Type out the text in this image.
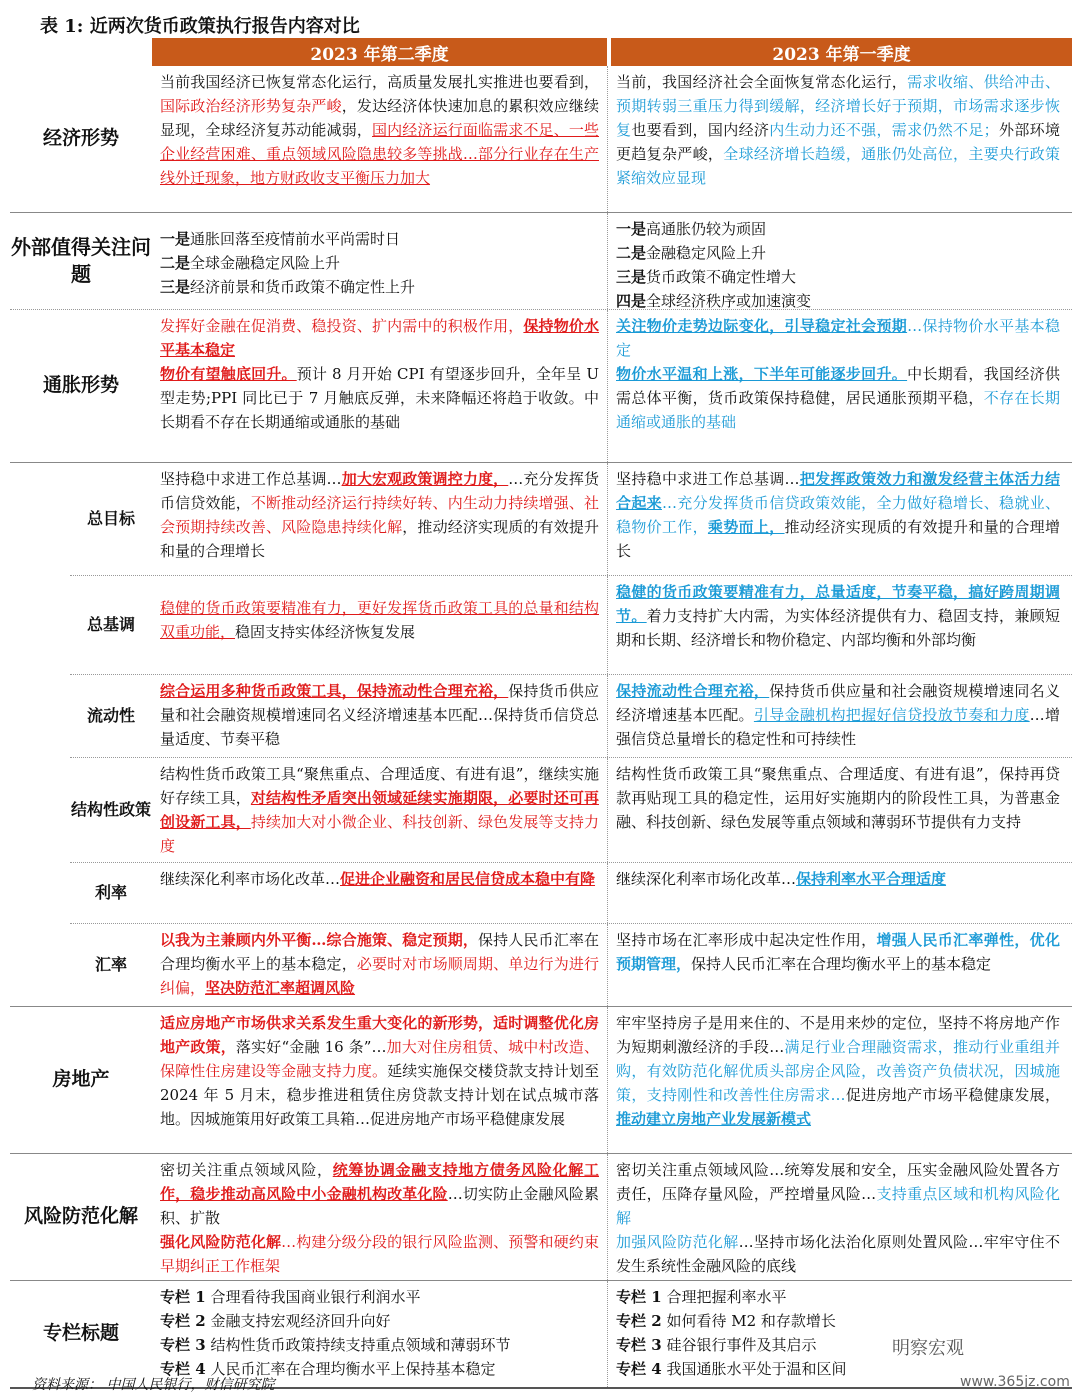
表 1: 近两次货币政策执行报告内容对比
2023 年第二季度	2023 年第一季度
经济形势
当前我国经济已恢复常态化运行，高质量发展扎实推进也要看到，国际政治经济形势复杂严峻，发达经济体快速加息的累积效应继续显现，全球经济复苏动能减弱，国内经济运行面临需求不足、一些企业经营困难、重点领域风险隐患较多等挑战…部分行业存在生产线外迁现象，地方财政收支平衡压力加大
当前，我国经济社会全面恢复常态化运行，需求收缩、供给冲击、预期转弱三重压力得到缓解，经济增长好于预期，市场需求逐步恢复也要看到，国内经济内生动力还不强，需求仍然不足；外部环境更趋复杂严峻，全球经济增长趋缓，通胀仍处高位，主要央行政策紧缩效应显现
外部值得关注问题
一是通胀回落至疫情前水平尚需时日
二是全球金融稳定风险上升
三是经济前景和货币政策不确定性上升
一是高通胀仍较为顽固
二是金融稳定风险上升
三是货币政策不确定性增大
四是全球经济秩序或加速演变
通胀形势
发挥好金融在促消费、稳投资、扩内需中的积极作用，保持物价水平基本稳定
物价有望触底回升。预计 8 月开始 CPI 有望逐步回升，全年呈 U 型走势;PPI 同比已于 7 月触底反弹，未来降幅还将趋于收敛。中长期看不存在长期通缩或通胀的基础
关注物价走势边际变化，引导稳定社会预期…保持物价水平基本稳定
物价水平温和上涨，下半年可能逐步回升。中长期看，我国经济供需总体平衡，货币政策保持稳健，居民通胀预期平稳，不存在长期通缩或通胀的基础
总目标
坚持稳中求进工作总基调…加大宏观政策调控力度，…充分发挥货币信贷效能，不断推动经济运行持续好转、内生动力持续增强、社会预期持续改善、风险隐患持续化解，推动经济实现质的有效提升和量的合理增长
坚持稳中求进工作总基调…把发挥政策效力和激发经营主体活力结合起来…充分发挥货币信贷政策效能，全力做好稳增长、稳就业、稳物价工作，乘势而上，推动经济实现质的有效提升和量的合理增长
总基调
稳健的货币政策要精准有力，更好发挥货币政策工具的总量和结构双重功能，稳固支持实体经济恢复发展
稳健的货币政策要精准有力，总量适度，节奏平稳，搞好跨周期调节。着力支持扩大内需，为实体经济提供有力、稳固支持，兼顾短期和长期、经济增长和物价稳定、内部均衡和外部均衡
流动性
综合运用多种货币政策工具，保持流动性合理充裕，保持货币供应量和社会融资规模增速同名义经济增速基本匹配…保持货币信贷总量适度、节奏平稳
保持流动性合理充裕，保持货币供应量和社会融资规模增速同名义经济增速基本匹配。引导金融机构把握好信贷投放节奏和力度…增强信贷总量增长的稳定性和可持续性
结构性政策
结构性货币政策工具“聚焦重点、合理适度、有进有退”，继续实施好存续工具，对结构性矛盾突出领域延续实施期限，必要时还可再创设新工具，持续加大对小微企业、科技创新、绿色发展等支持力度
结构性货币政策工具“聚焦重点、合理适度、有进有退”，保持再贷款再贴现工具的稳定性，运用好实施期内的阶段性工具，为普惠金融、科技创新、绿色发展等重点领域和薄弱环节提供有力支持
利率
继续深化利率市场化改革…促进企业融资和居民信贷成本稳中有降	继续深化利率市场化改革…保持利率水平合理适度
汇率
以我为主兼顾内外平衡…综合施策、稳定预期，保持人民币汇率在合理均衡水平上的基本稳定，必要时对市场顺周期、单边行为进行纠偏，坚决防范汇率超调风险
坚持市场在汇率形成中起决定性作用，增强人民币汇率弹性，优化预期管理，保持人民币汇率在合理均衡水平上的基本稳定
房地产
适应房地产市场供求关系发生重大变化的新形势，适时调整优化房地产政策，落实好“金融 16 条”…加大对住房租赁、城中村改造、保障性住房建设等金融支持力度。延续实施保交楼贷款支持计划至 2024 年 5 月末，稳步推进租赁住房贷款支持计划在试点城市落地。因城施策用好政策工具箱…促进房地产市场平稳健康发展
牢牢坚持房子是用来住的、不是用来炒的定位，坚持不将房地产作为短期刺激经济的手段…满足行业合理融资需求，推动行业重组并购，有效防范化解优质头部房企风险，改善资产负债状况，因城施策，支持刚性和改善性住房需求…促进房地产市场平稳健康发展，推动建立房地产业发展新模式
风险防范化解
密切关注重点领域风险，统筹协调金融支持地方债务风险化解工作，稳步推动高风险中小金融机构改革化险…切实防止金融风险累积、扩散
强化风险防范化解…构建分级分段的银行风险监测、预警和硬约束早期纠正工作框架
密切关注重点领域风险…统筹发展和安全，压实金融风险处置各方责任，压降存量风险，严控增量风险…支持重点区域和机构风险化解
加强风险防范化解…坚持市场化法治化原则处置风险…牢牢守住不发生系统性金融风险的底线
专栏标题
专栏 1 合理看待我国商业银行利润水平
专栏 2 金融支持宏观经济回升向好
专栏 3 结构性货币政策持续支持重点领域和薄弱环节
专栏 4 人民币汇率在合理均衡水平上保持基本稳定
专栏 1 合理把握利率水平
专栏 2 如何看待 M2 和存款增长
专栏 3 硅谷银行事件及其启示
专栏 4 我国通胀水平处于温和区间
资料来源： 中国人民银行，财信研究院
明察宏观
www.365jz.com
